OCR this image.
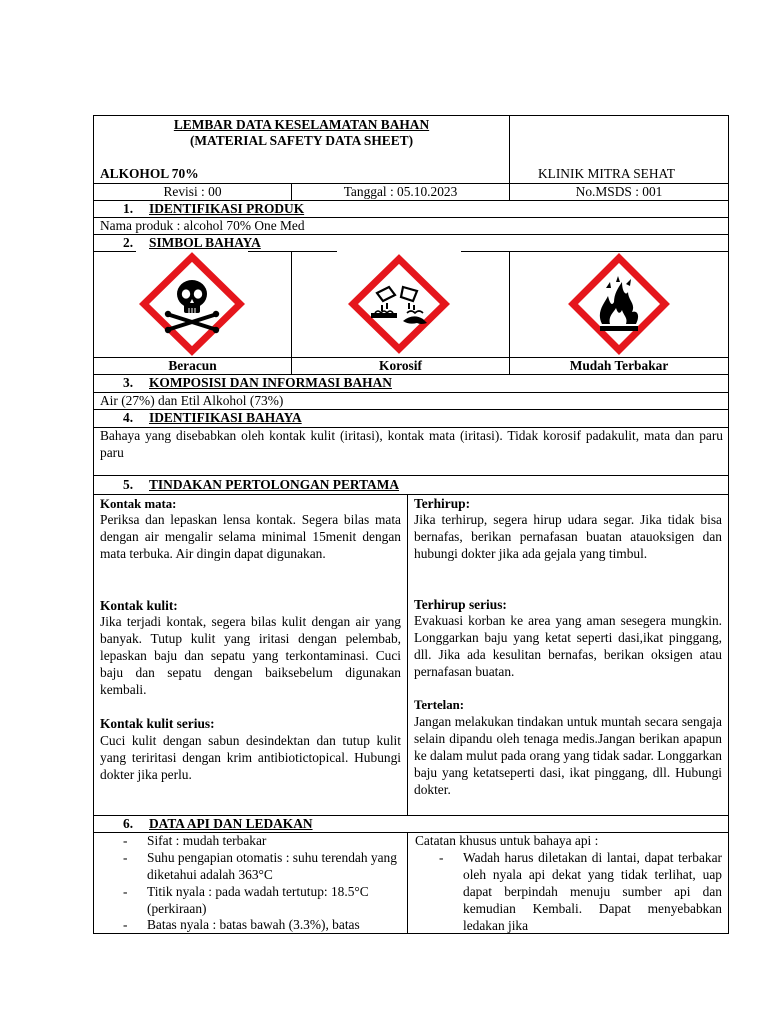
LEMBAR DATA KESELAMATAN BAHAN
(MATERIAL SAFETY DATA SHEET)
ALKOHOL 70%	KLINIK MITRA SEHAT
Revisi : 00	Tanggal : 05.10.2023	No.MSDS : 001
1. IDENTIFIKASI PRODUK
Nama produk : alcohol 70% One Med
2. SIMBOL BAHAYA
Beracun	Korosif	Mudah Terbakar
3. KOMPOSISI DAN INFORMASI BAHAN
Air (27%) dan Etil Alkohol (73%)
4. IDENTIFIKASI BAHAYA
Bahaya yang disebabkan oleh kontak kulit (iritasi), kontak mata (iritasi). Tidak korosif padakulit, mata dan paru paru
5. TINDAKAN PERTOLONGAN PERTAMA
Kontak mata:
Periksa dan lepaskan lensa kontak. Segera bilas mata dengan air mengalir selama minimal 15menit dengan mata terbuka. Air dingin dapat digunakan.
Kontak kulit:
Jika terjadi kontak, segera bilas kulit dengan air yang banyak. Tutup kulit yang iritasi dengan pelembab, lepaskan baju dan sepatu yang terkontaminasi. Cuci baju dan sepatu dengan baiksebelum digunakan kembali.
Kontak kulit serius:
Cuci kulit dengan sabun desindektan dan tutup kulit yang teriritasi dengan krim antibiotictopical. Hubungi dokter jika perlu.
Terhirup:
Jika terhirup, segera hirup udara segar. Jika tidak bisa bernafas, berikan pernafasan buatan atauoksigen dan hubungi dokter jika ada gejala yang timbul.
Terhirup serius:
Evakuasi korban ke area yang aman sesegera mungkin. Longgarkan baju yang ketat seperti dasi,ikat pinggang, dll. Jika ada kesulitan bernafas, berikan oksigen atau pernafasan buatan.
Tertelan:
Jangan melakukan tindakan untuk muntah secara sengaja selain dipandu oleh tenaga medis.Jangan berikan apapun ke dalam mulut pada orang yang tidak sadar. Longgarkan baju yang ketatseperti dasi, ikat pinggang, dll. Hubungi dokter.
6. DATA API DAN LEDAKAN
- Sifat : mudah terbakar
- Suhu pengapian otomatis : suhu terendah yang diketahui adalah 363°C
- Titik nyala : pada wadah tertutup: 18.5°C (perkiraan)
- Batas nyala : batas bawah (3.3%), batas
Catatan khusus untuk bahaya api :
- Wadah harus diletakan di lantai, dapat terbakar oleh nyala api dekat yang tidak terlihat, uap dapat berpindah menuju sumber api dan kemudian Kembali. Dapat menyebabkan ledakan jika
